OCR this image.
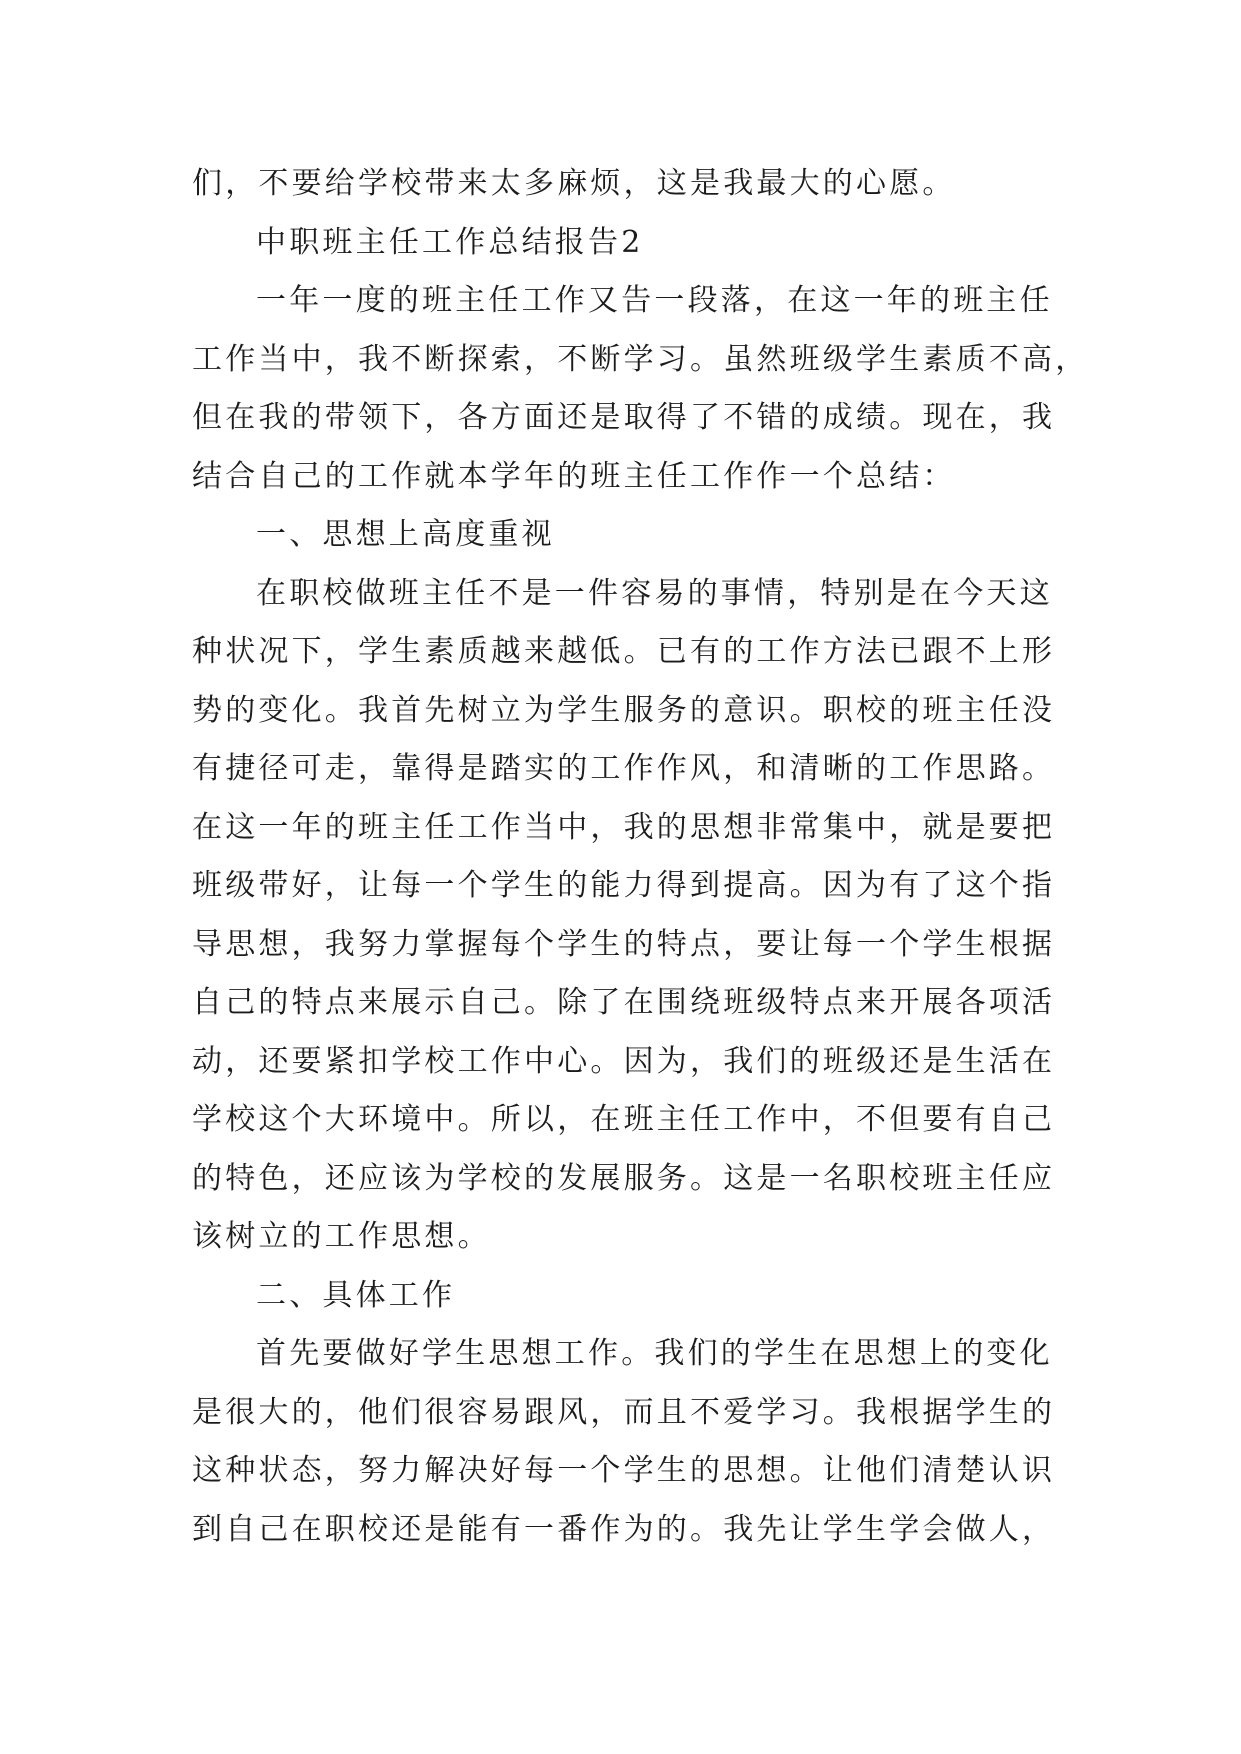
们，不要给学校带来太多麻烦，这是我最大的心愿。
中职班主任工作总结报告2
一年一度的班主任工作又告一段落，在这一年的班主任
工作当中，我不断探索，不断学习。虽然班级学生素质不高，
但在我的带领下，各方面还是取得了不错的成绩。现在，我
结合自己的工作就本学年的班主任工作作一个总结：
一、思想上高度重视
在职校做班主任不是一件容易的事情，特别是在今天这
种状况下，学生素质越来越低。已有的工作方法已跟不上形
势的变化。我首先树立为学生服务的意识。职校的班主任没
有捷径可走，靠得是踏实的工作作风，和清晰的工作思路。
在这一年的班主任工作当中，我的思想非常集中，就是要把
班级带好，让每一个学生的能力得到提高。因为有了这个指
导思想，我努力掌握每个学生的特点，要让每一个学生根据
自己的特点来展示自己。除了在围绕班级特点来开展各项活
动，还要紧扣学校工作中心。因为，我们的班级还是生活在
学校这个大环境中。所以，在班主任工作中，不但要有自己
的特色，还应该为学校的发展服务。这是一名职校班主任应
该树立的工作思想。
二、具体工作
首先要做好学生思想工作。我们的学生在思想上的变化
是很大的，他们很容易跟风，而且不爱学习。我根据学生的
这种状态，努力解决好每一个学生的思想。让他们清楚认识
到自己在职校还是能有一番作为的。我先让学生学会做人，
